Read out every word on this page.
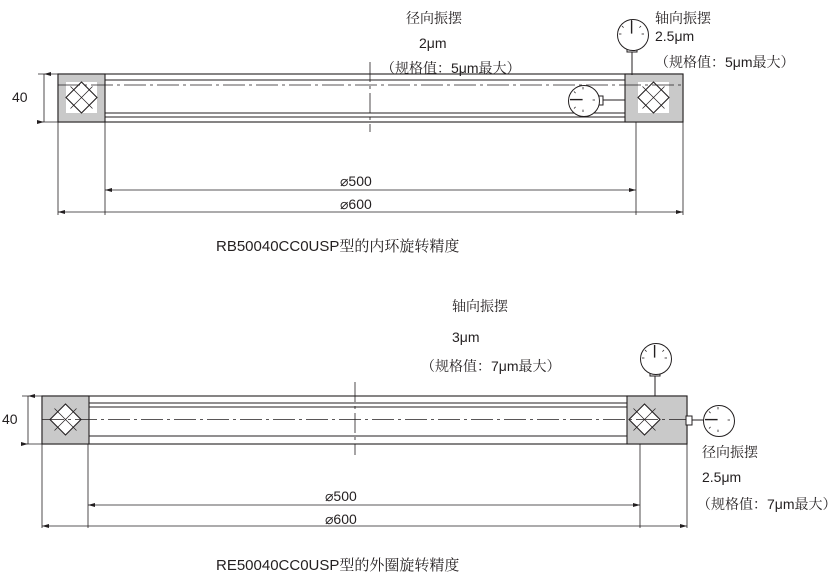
径向振摆
2μm
（规格值：5μm最大）
轴向振摆
2.5μm
（规格值：5μm最大）
40
⌀500
⌀600
RB50040CC0USP型的内环旋转精度
轴向振摆
3μm
（规格值：7μm最大）
径向振摆
2.5μm
（规格值：7μm最大）
40
⌀500
⌀600
RE50040CC0USP型的外圈旋转精度
